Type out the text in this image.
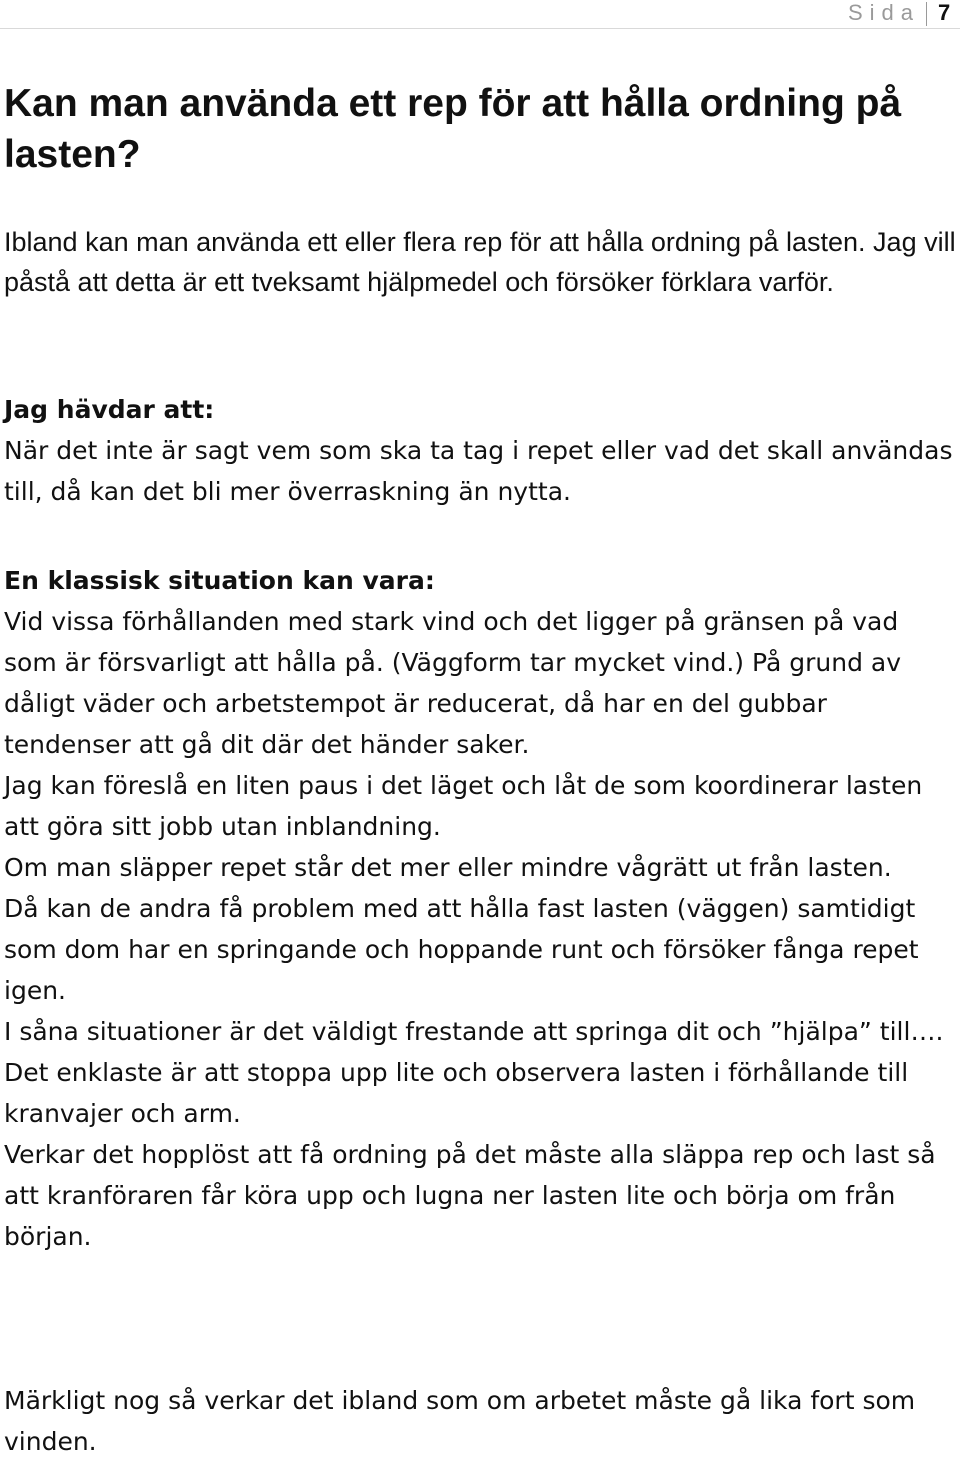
Sida 7
Kan man använda ett rep för att hålla ordning på lasten?

Ibland kan man använda ett eller flera rep för att hålla ordning på lasten. Jag vill påstå att detta är ett tveksamt hjälpmedel och försöker förklara varför.

Jag hävdar att:

När det inte är sagt vem som ska ta tag i repet eller vad det skall användas till, då kan det bli mer överraskning än nytta.

En klassisk situation kan vara:

Vid vissa förhållanden med stark vind och det ligger på gränsen på vad som är försvarligt att hålla på. (Väggform tar mycket vind.) På grund av dåligt väder och arbetstempot är reducerat, då har en del gubbar tendenser att gå dit där det händer saker.

Jag kan föreslå en liten paus i det läget och låt de som koordinerar lasten att göra sitt jobb utan inblandning.

Om man släpper repet står det mer eller mindre vågrätt ut från lasten.

Då kan de andra få problem med att hålla fast lasten (väggen) samtidigt som dom har en springande och hoppande runt och försöker fånga repet igen.

I såna situationer är det väldigt frestande att springa dit och ”hjälpa” till….

Det enklaste är att stoppa upp lite och observera lasten i förhållande till kranvajer och arm.

Verkar det hopplöst att få ordning på det måste alla släppa rep och last så att kranföraren får köra upp och lugna ner lasten lite och börja om från början.

Märkligt nog så verkar det ibland som om arbetet måste gå lika fort som vinden.
